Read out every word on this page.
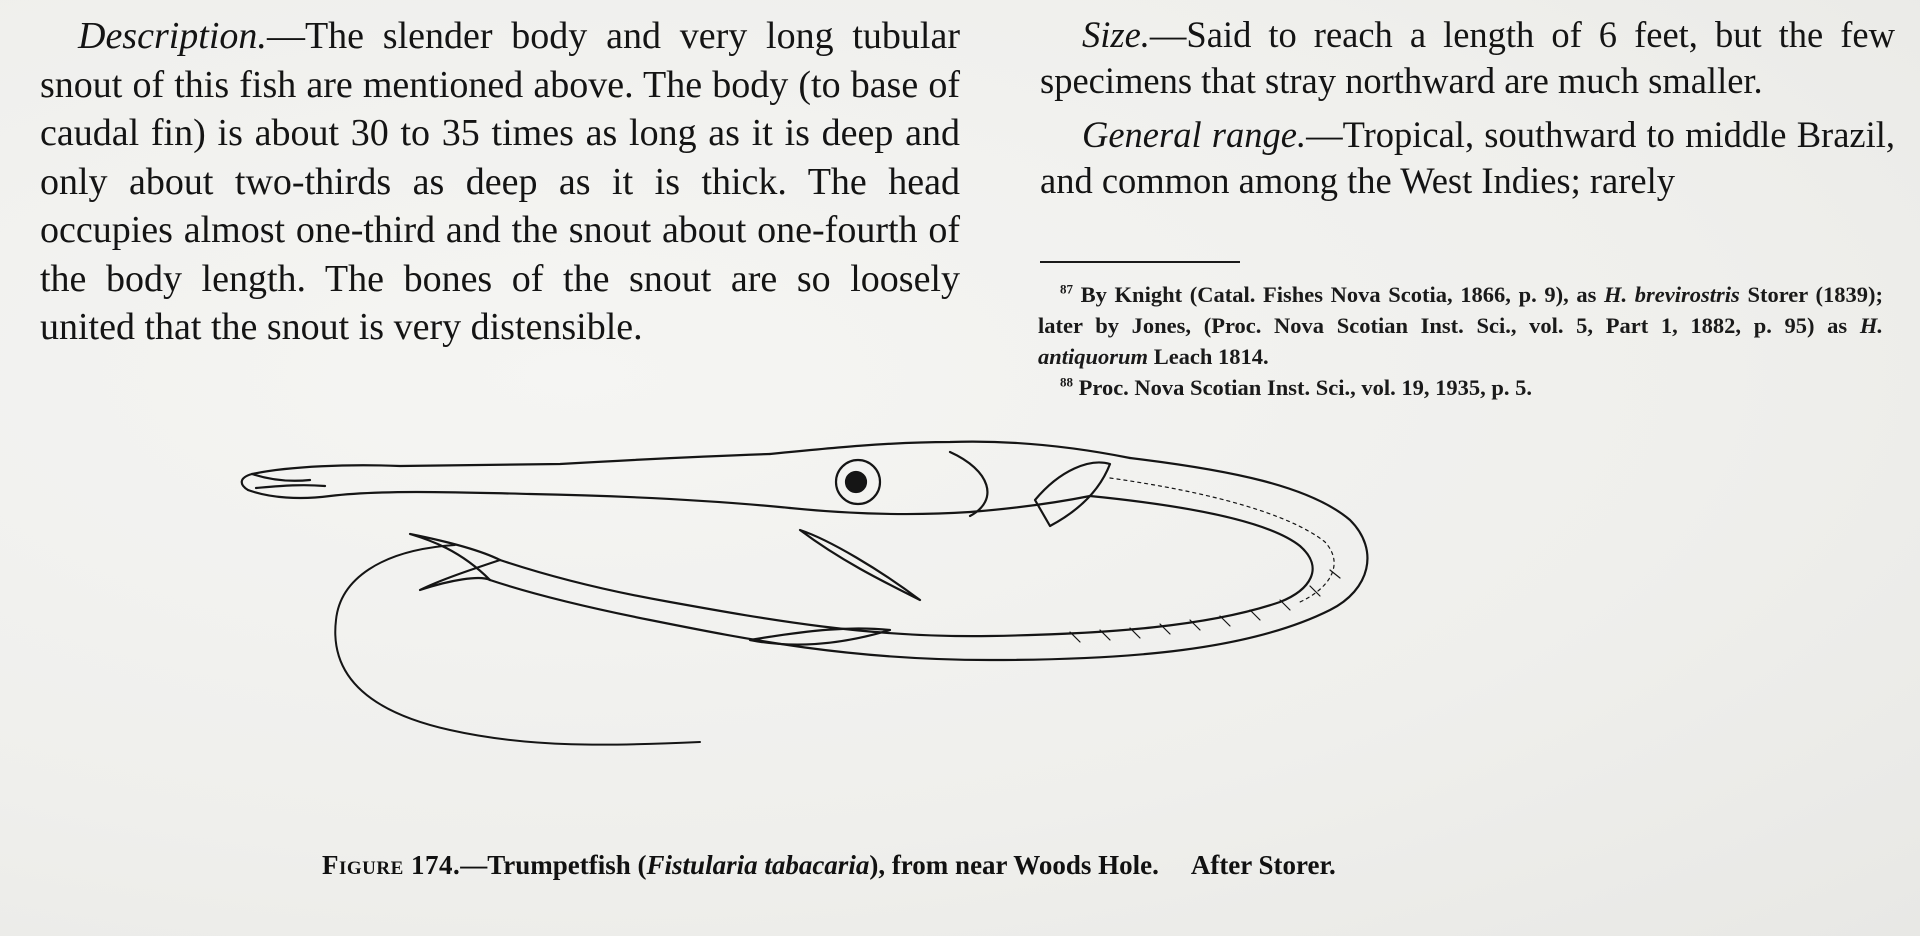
Description.—The slender body and very long tubular snout of this fish are mentioned above. The body (to base of caudal fin) is about 30 to 35 times as long as it is deep and only about two-thirds as deep as it is thick. The head occupies almost one-third and the snout about one-fourth of the body length. The bones of the snout are so loosely united that the snout is very distensible.

Size.—Said to reach a length of 6 feet, but the few specimens that stray northward are much smaller.

General range.—Tropical, southward to middle Brazil, and common among the West Indies; rarely

$^{87}$ By Knight (Catal. Fishes Nova Scotia, 1866, p. 9), as H. brevirostris Storer (1839); later by Jones, (Proc. Nova Scotian Inst. Sci., vol. 5, Part 1, 1882, p. 95) as H. antiquorum Leach 1814.

$^{88}$ Proc. Nova Scotian Inst. Sci., vol. 19, 1935, p. 5.

Figure 174.—Trumpetfish (Fistularia tabacaria), from near Woods Hole. After Storer.
